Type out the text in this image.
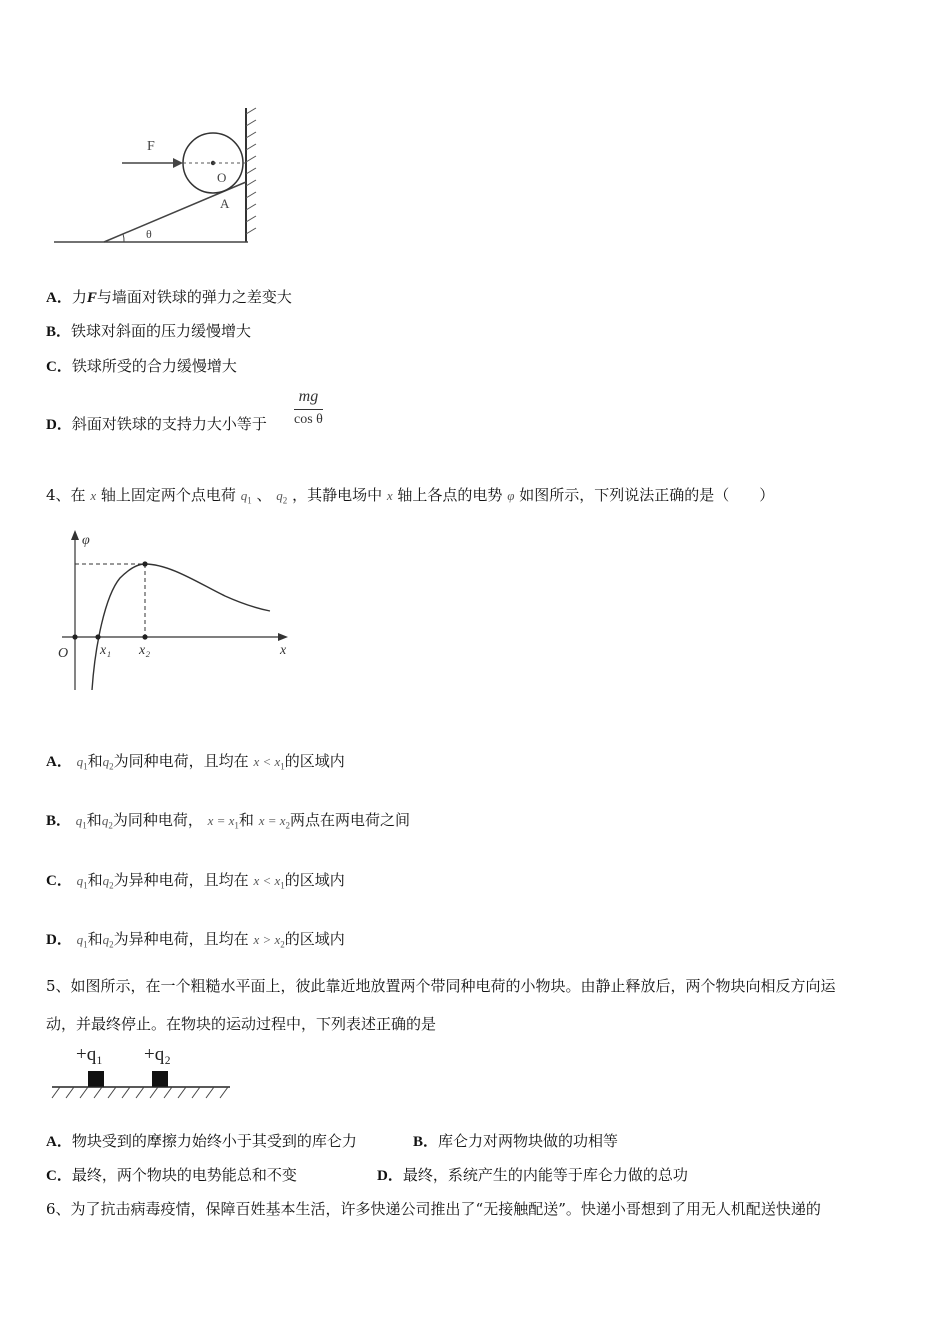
F
O
A
θ
A．力F与墙面对铁球的弹力之差变大
B．铁球对斜面的压力缓慢增大
C．铁球所受的合力缓慢增大
D．斜面对铁球的支持力大小等于 $\frac{mg}{\text{cos θ}}$
4、在 x 轴上固定两个点电荷 $q_1$ 、 $q_2$ ，其静电场中 x 轴上各点的电势 φ 如图所示，下列说法正确的是（　　）
φ
x
O x₁ x₂
A． $q_1$和$q_2$为同种电荷，且均在 $x < x_1$的区域内
B． $q_1$和$q_2$为同种电荷， $x = x_1$和 $x = x_2$两点在两电荷之间
C． $q_1$和$q_2$为异种电荷，且均在 $x < x_1$的区域内
D． $q_1$和$q_2$为异种电荷，且均在 $x > x_2$的区域内
5、如图所示，在一个粗糙水平面上，彼此靠近地放置两个带同种电荷的小物块。由静止释放后，两个物块向相反方向运
动，并最终停止。在物块的运动过程中，下列表述正确的是
+q₁ +q₂
A．物块受到的摩擦力始终小于其受到的库仑力	B．库仑力对两物块做的功相等
C．最终，两个物块的电势能总和不变	D．最终，系统产生的内能等于库仑力做的总功
6、为了抗击病毒疫情，保障百姓基本生活，许多快递公司推出了“无接触配送”。快递小哥想到了用无人机配送快递的
